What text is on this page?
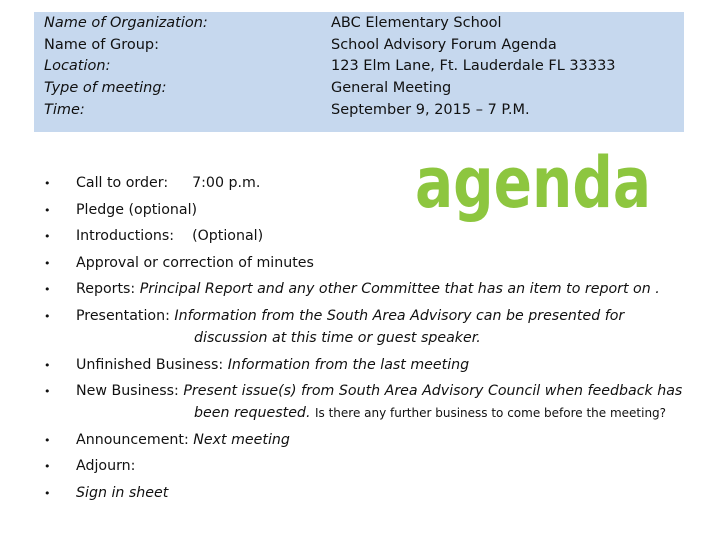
Name of Organization:
Name of Group:
Location:
Type of meeting:
Time:
ABC Elementary School
School Advisory Forum Agenda
123 Elm Lane, Ft. Lauderdale FL 33333
General Meeting
September 9, 2015 – 7 P.M.
agenda
• Call to order: 7:00 p.m.
• Pledge (optional)
• Introductions: (Optional)
• Approval or correction of minutes
• Reports: Principal Report and any other Committee that has an item to report on .
• Presentation: Information from the South Area Advisory can be presented for
discussion at this time or guest speaker.
• Unfinished Business: Information from the last meeting
• New Business: Present issue(s) from South Area Advisory Council when feedback has
been requested. Is there any further business to come before the meeting?
• Announcement: Next meeting
• Adjourn:
• Sign in sheet
